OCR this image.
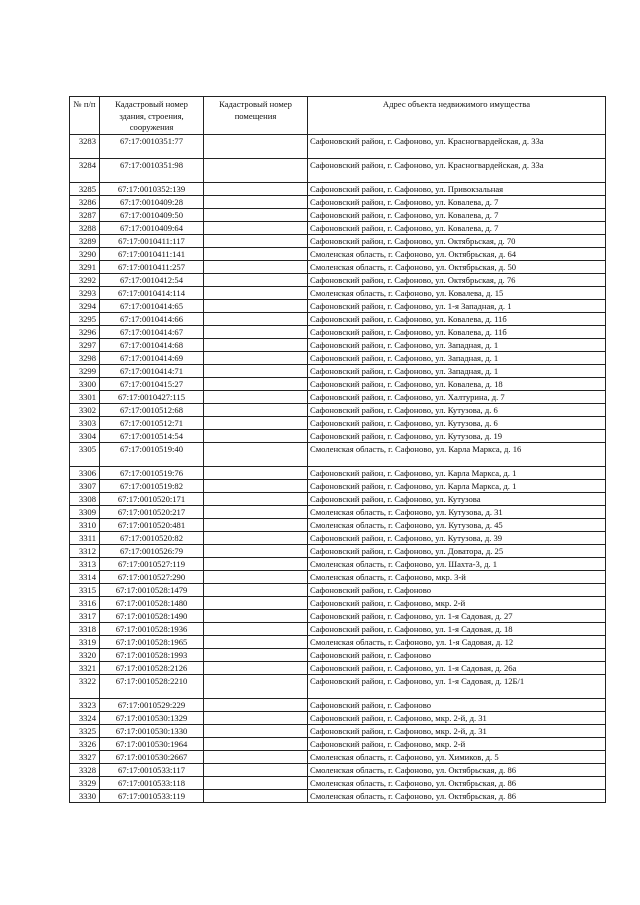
№ п/п	Кадастровый номер здания, строения, сооружения	Кадастровый номер помещения	Адрес объекта недвижимого имущества
3283	67:17:0010351:77		Сафоновский район, г. Сафоново, ул. Красногвардейская, д. 33а
3284	67:17:0010351:98		Сафоновский район, г. Сафоново, ул. Красногвардейская, д. 33а
3285	67:17:0010352:139		Сафоновский район, г. Сафоново, ул. Привокзальная
3286	67:17:0010409:28		Сафоновский район, г. Сафоново, ул. Ковалева, д. 7
3287	67:17:0010409:50		Сафоновский район, г. Сафоново, ул. Ковалева, д. 7
3288	67:17:0010409:64		Сафоновский район, г. Сафоново, ул. Ковалева, д. 7
3289	67:17:0010411:117		Сафоновский район, г. Сафоново, ул. Октябрьская, д. 70
3290	67:17:0010411:141		Смоленская область, г. Сафоново, ул. Октябрьская, д. 64
3291	67:17:0010411:257		Смоленская область, г. Сафоново, ул. Октябрьская, д. 50
3292	67:17:0010412:54		Сафоновский район, г. Сафоново, ул. Октябрьская, д. 76
3293	67:17:0010414:114		Смоленская область, г. Сафоново, ул. Ковалева, д. 15
3294	67:17:0010414:65		Сафоновский район, г. Сафоново, ул. 1-я Западная, д. 1
3295	67:17:0010414:66		Сафоновский район, г. Сафоново, ул. Ковалева, д. 11б
3296	67:17:0010414:67		Сафоновский район, г. Сафоново, ул. Ковалева, д. 11б
3297	67:17:0010414:68		Сафоновский район, г. Сафоново, ул. Западная, д. 1
3298	67:17:0010414:69		Сафоновский район, г. Сафоново, ул. Западная, д. 1
3299	67:17:0010414:71		Сафоновский район, г. Сафоново, ул. Западная, д. 1
3300	67:17:0010415:27		Сафоновский район, г. Сафоново, ул. Ковалева, д. 18
3301	67:17:0010427:115		Сафоновский район, г. Сафоново, ул. Халтурина, д. 7
3302	67:17:0010512:68		Сафоновский район, г. Сафоново, ул. Кутузова, д. 6
3303	67:17:0010512:71		Сафоновский район, г. Сафоново, ул. Кутузова, д. 6
3304	67:17:0010514:54		Сафоновский район, г. Сафоново, ул. Кутузова, д. 19
3305	67:17:0010519:40		Смоленская область, г. Сафоново, ул. Карла Маркса, д. 16
3306	67:17:0010519:76		Сафоновский район, г. Сафоново, ул. Карла Маркса, д. 1
3307	67:17:0010519:82		Сафоновский район, г. Сафоново, ул. Карла Маркса, д. 1
3308	67:17:0010520:171		Сафоновский район, г. Сафоново, ул. Кутузова
3309	67:17:0010520:217		Смоленская область, г. Сафоново, ул. Кутузова, д. 31
3310	67:17:0010520:481		Смоленская область, г. Сафоново, ул. Кутузова, д. 45
3311	67:17:0010520:82		Сафоновский район, г. Сафоново, ул. Кутузова, д. 39
3312	67:17:0010526:79		Сафоновский район, г. Сафоново, ул. Доватора, д. 25
3313	67:17:0010527:119		Смоленская область, г. Сафоново, ул. Шахта-3, д. 1
3314	67:17:0010527:290		Смоленская область, г. Сафоново, мкр. 3-й
3315	67:17:0010528:1479		Сафоновский район, г. Сафоново
3316	67:17:0010528:1480		Сафоновский район, г. Сафоново, мкр. 2-й
3317	67:17:0010528:1490		Сафоновский район, г. Сафоново, ул. 1-я Садовая, д. 27
3318	67:17:0010528:1936		Сафоновский район, г. Сафоново, ул. 1-я Садовая, д. 18
3319	67:17:0010528:1965		Смоленская область, г. Сафоново, ул. 1-я Садовая, д. 12
3320	67:17:0010528:1993		Сафоновский район, г. Сафоново
3321	67:17:0010528:2126		Сафоновский район, г. Сафоново, ул. 1-я Садовая, д. 26а
3322	67:17:0010528:2210		Сафоновский район, г. Сафоново, ул. 1-я Садовая, д. 12Б/1
3323	67:17:0010529:229		Сафоновский район, г. Сафоново
3324	67:17:0010530:1329		Сафоновский район, г. Сафоново, мкр. 2-й, д. 31
3325	67:17:0010530:1330		Сафоновский район, г. Сафоново, мкр. 2-й, д. 31
3326	67:17:0010530:1964		Сафоновский район, г. Сафоново, мкр. 2-й
3327	67:17:0010530:2667		Смоленская область, г. Сафоново, ул. Химиков, д. 5
3328	67:17:0010533:117		Смоленская область, г. Сафоново, ул. Октябрьская, д. 86
3329	67:17:0010533:118		Смоленская область, г. Сафоново, ул. Октябрьская, д. 86
3330	67:17:0010533:119		Смоленская область, г. Сафоново, ул. Октябрьская, д. 86
